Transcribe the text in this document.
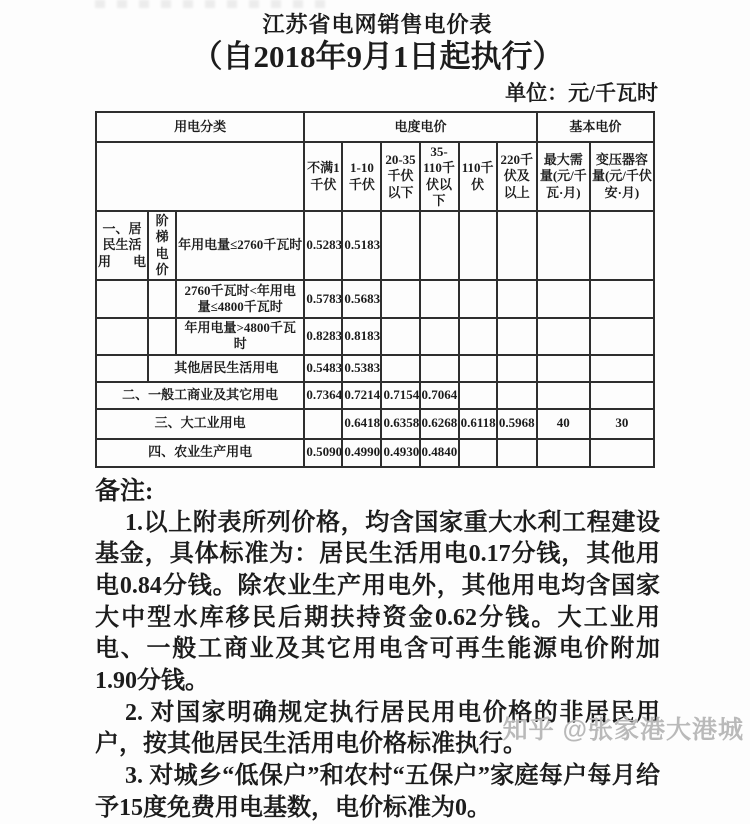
江苏省电网销售电价表
（自2018年9月1日起执行）
单位：元/千瓦时
用电分类			电度电价						基本电价	
			不满1千伏	1-10千伏	20-35千伏以下	35-110千伏以下	110千伏	220千伏及以上	最大需量(元/千瓦·月)	变压器容量(元/千伏安·月)
一、居民生活用电	阶梯电价	年用电量≤2760千瓦时	0.5283	0.5183						
		2760千瓦时<年用电量≤4800千瓦时	0.5783	0.5683						
		年用电量>4800千瓦时	0.8283	0.8183						
	其他居民生活用电		0.5483	0.5383						
二、一般工商业及其它用电			0.7364	0.7214	0.7154	0.7064				
三、大工业用电				0.6418	0.6358	0.6268	0.6118	0.5968	40	30
四、农业生产用电			0.5090	0.4990	0.4930	0.4840				
备注:

1.以上附表所列价格，均含国家重大水利工程建设基金，具体标准为：居民生活用电0.17分钱，其他用电0.84分钱。除农业生产用电外，其他用电均含国家大中型水库移民后期扶持资金0.62分钱。大工业用电、一般工商业及其它用电含可再生能源电价附加1.90分钱。

2. 对国家明确规定执行居民用电价格的非居民用户，按其他居民生活用电价格标准执行。

3. 对城乡“低保户”和农村“五保户”家庭每户每月给予15度免费用电基数，电价标准为0。

知乎 @张家港大港城
